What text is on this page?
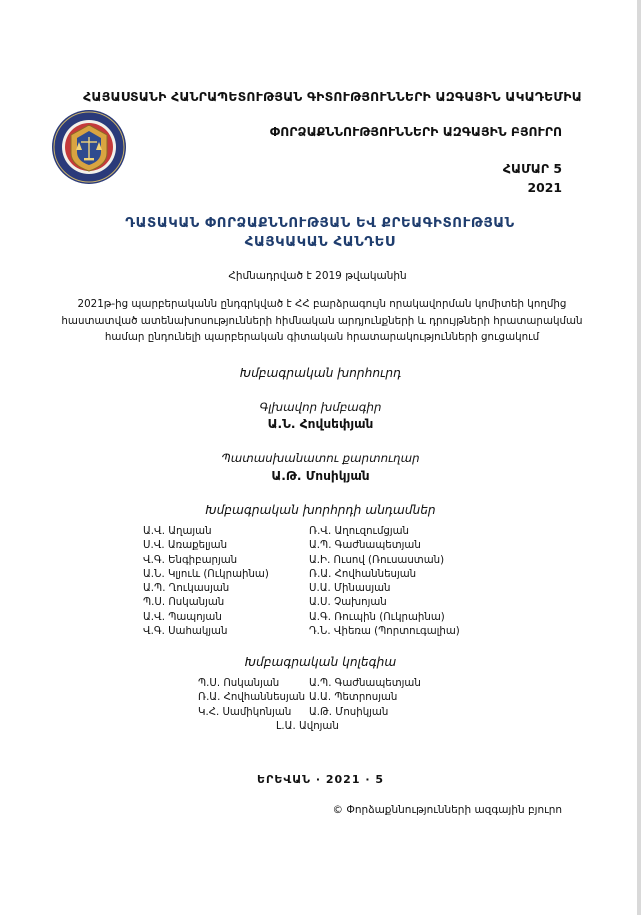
ՀԱՅԱՍՏԱՆԻ ՀԱՆՐԱՊԵՏՈՒԹՅԱՆ ԳԻՏՈՒԹՅՈՒՆՆԵՐԻ ԱԶԳԱՅԻՆ ԱԿԱԴԵՄԻԱ
ՓՈՐՁԱՔՆՆՈՒԹՅՈՒՆՆԵՐԻ ԱԶԳԱՅԻՆ ԲՅՈՒՐՈ
ՀԱՄԱՐ 5
2021
ԴԱՏԱԿԱՆ ՓՈՐՁԱՔՆՆՈՒԹՅԱՆ ԵՎ ՔՐԵԱԳԻՏՈՒԹՅԱՆ
ՀԱՅԿԱԿԱՆ ՀԱՆԴԵՍ
Հիմնադրված է 2019 թվականին
2021թ-ից պարբերականն ընդգրկված է ՀՀ բարձրագույն որակավորման կոմիտեի կողմից
հաստատված ատենախոսությունների հիմնական արդյունքների և դրույթների հրատարակման
համար ընդունելի պարբերական գիտական հրատարակությունների ցուցակում
Խմբագրական խորհուրդ
Գլխավոր խմբագիր
Ա.Ն. Հովսեփյան
Պատասխանատու քարտուղար
Ա.Թ. Մոսիկյան
Խմբագրական խորհրդի անդամներ
Ա.Վ. Աղայան
Ս.Վ. Առաքելյան
Վ.Գ. Ենգիբարյան
Ա.Ն. Կլյուև (Ուկրաինա)
Ա.Պ. Ղուկասյան
Պ.Ս. Ոսկանյան
Ա.Վ. Պապոյան
Վ.Գ. Սահակյան
Ռ.Վ. Աղուզումցյան
Ա.Պ. Գաժնապետյան
Ա.Ի. Ուսով (Ռուսաստան)
Ռ.Ա. Հովհաննեսյան
Ս.Ա. Մինասյան
Ա.Ս. Չախոյան
Ա.Գ. Ռուպին (Ուկրաինա)
Դ.Ն. Վիեռա (Պորտուգալիա)
Խմբագրական կոլեգիա
Պ.Ս. Ոսկանյան
Ռ.Ա. Հովհաննեսյան
Կ.Հ. Սամիկոնյան
Ա.Պ. Գաժնապետյան
Ա.Ա. Պետրոսյան
Ա.Թ. Մոսիկյան
Լ.Ա. Ավոյան
ԵՐԵՎԱՆ · 2021 · 5
© Փորձաքննությունների ազգային բյուրո
